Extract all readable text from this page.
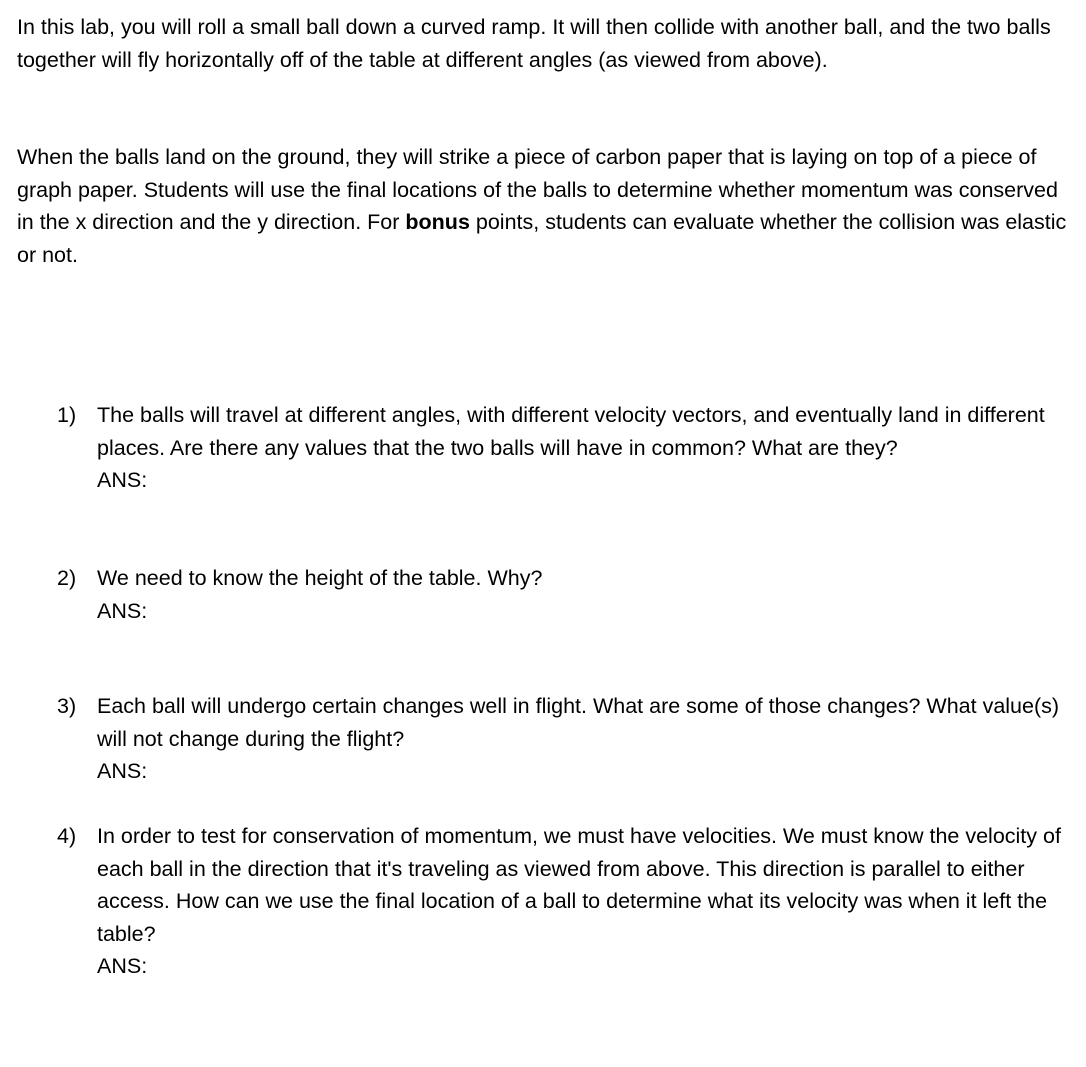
In this lab, you will roll a small ball down a curved ramp. It will then collide with another ball, and the two balls together will fly horizontally off of the table at different angles (as viewed from above).

When the balls land on the ground, they will strike a piece of carbon paper that is laying on top of a piece of graph paper. Students will use the final locations of the balls to determine whether momentum was conserved in the x direction and the y direction. For bonus points, students can evaluate whether the collision was elastic or not.

1) The balls will travel at different angles, with different velocity vectors, and eventually land in different places. Are there any values that the two balls will have in common? What are they?
ANS:
2) We need to know the height of the table. Why?
ANS:
3) Each ball will undergo certain changes well in flight. What are some of those changes? What value(s) will not change during the flight?
ANS:
4) In order to test for conservation of momentum, we must have velocities. We must know the velocity of each ball in the direction that it's traveling as viewed from above. This direction is parallel to either access. How can we use the final location of a ball to determine what its velocity was when it left the table?
ANS:
